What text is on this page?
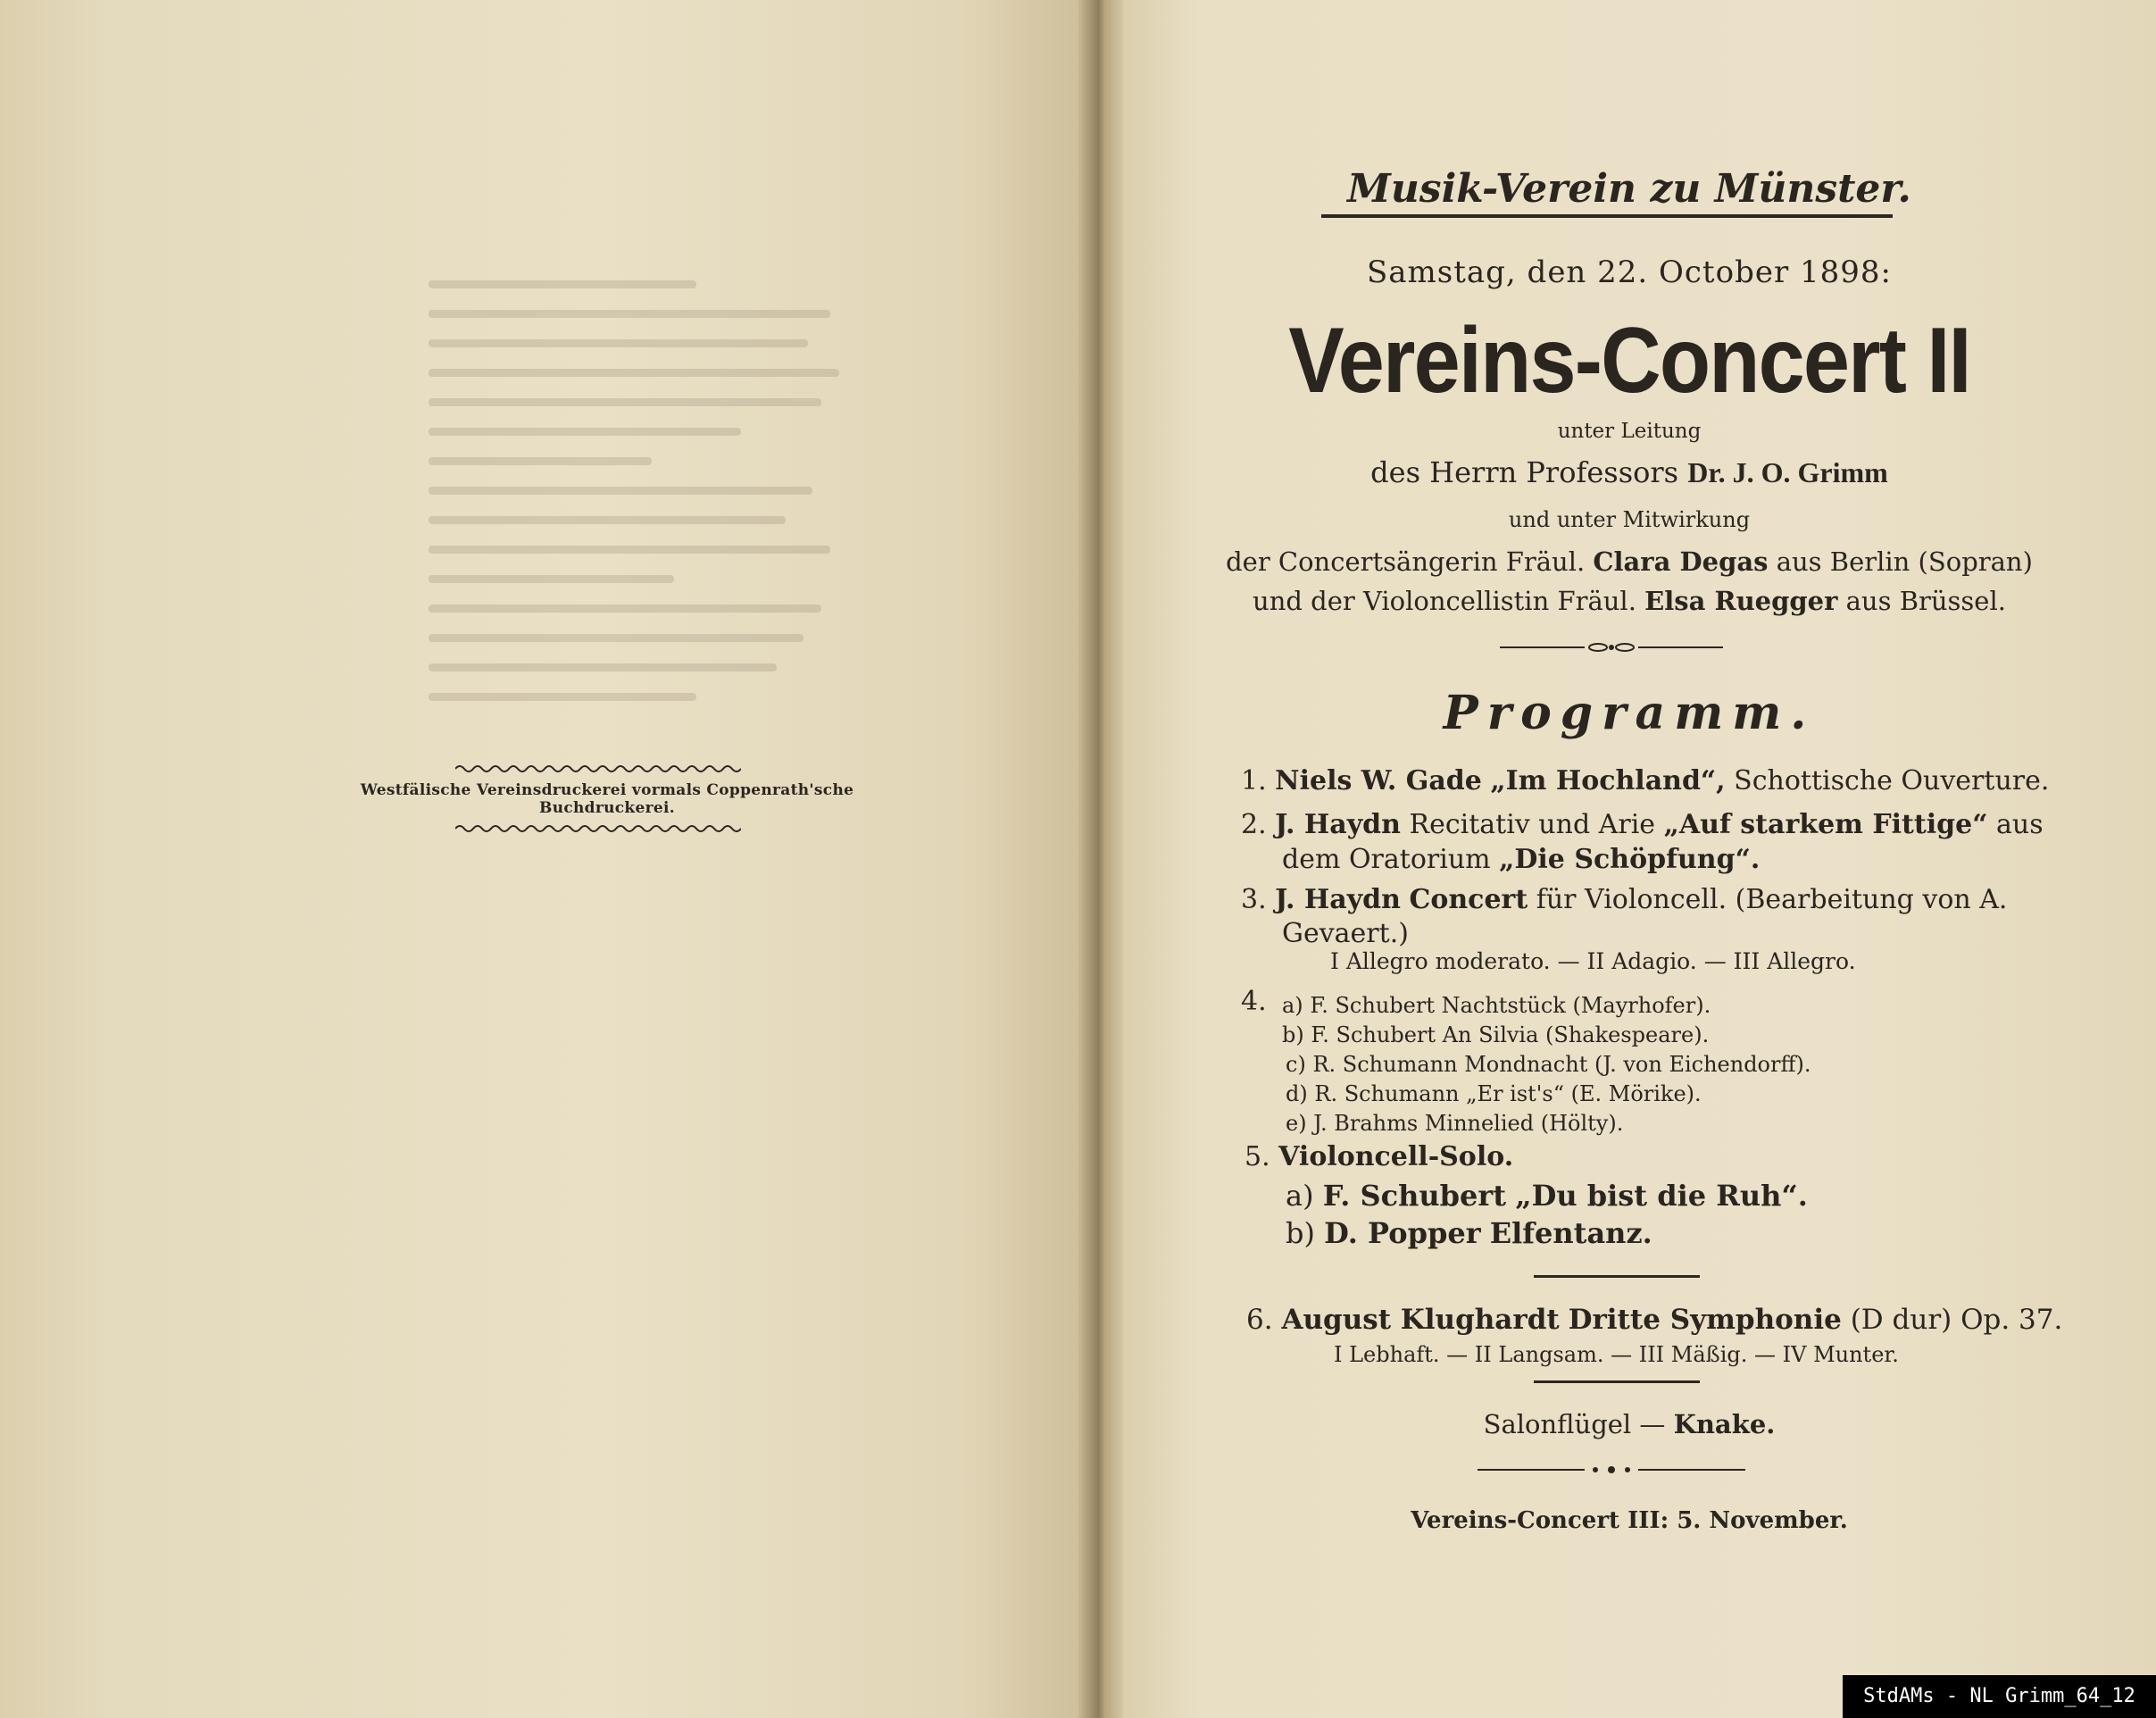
Westfälische Vereinsdruckerei vormals Coppenrath'sche Buchdruckerei.
Musik-Verein zu Münster.
Samstag, den 22. October 1898:
Vereins-Concert II
unter Leitung
des Herrn Professors Dr. J. O. Grimm
und unter Mitwirkung
der Concertsängerin Fräul. Clara Degas aus Berlin (Sopran)
und der Violoncellistin Fräul. Elsa Ruegger aus Brüssel.
Programm.
1. Niels W. Gade „Im Hochland“, Schottische Ouverture.
2. J. Haydn Recitativ und Arie „Auf starkem Fittige“ aus
dem Oratorium „Die Schöpfung“.
3. J. Haydn Concert für Violoncell. (Bearbeitung von A.
Gevaert.)
I Allegro moderato. — II Adagio. — III Allegro.
4. a) F. Schubert Nachtstück (Mayrhofer).
b) F. Schubert An Silvia (Shakespeare).
c) R. Schumann Mondnacht (J. von Eichendorff).
d) R. Schumann „Er ist's“ (E. Mörike).
e) J. Brahms Minnelied (Hölty).
5. Violoncell-Solo.
a) F. Schubert „Du bist die Ruh“.
b) D. Popper Elfentanz.
6. August Klughardt Dritte Symphonie (D dur) Op. 37.
I Lebhaft. — II Langsam. — III Mäßig. — IV Munter.
Salonflügel — Knake.
Vereins-Concert III: 5. November.
StdAMs - NL Grimm_64_12
